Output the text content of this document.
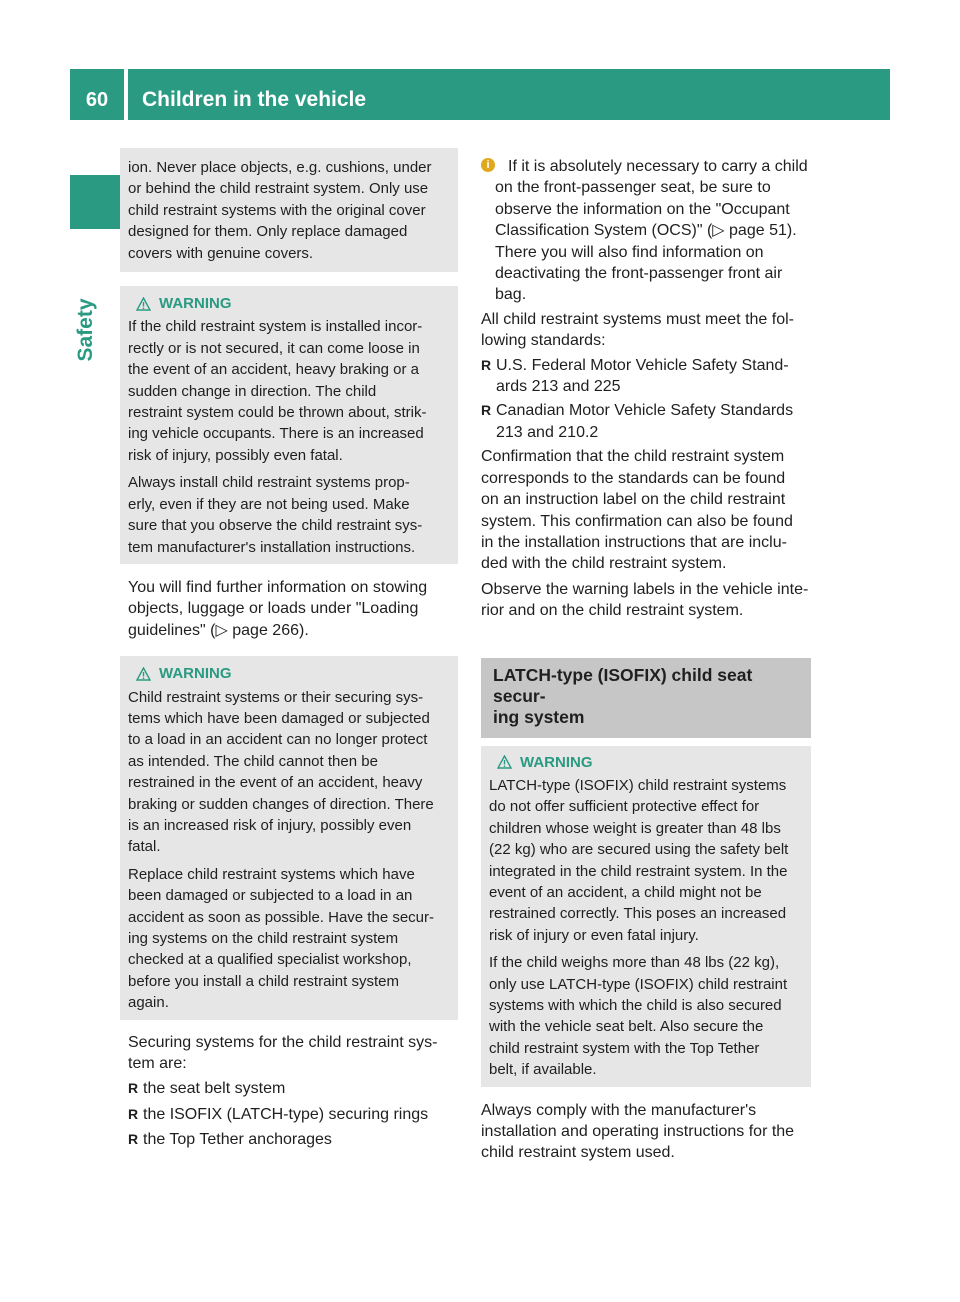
60	Children in the vehicle
Safety

ion. Never place objects, e.g. cushions, under
or behind the child restraint system. Only use
child restraint systems with the original cover
designed for them. Only replace damaged
covers with genuine covers.

WARNING

If the child restraint system is installed incor-
rectly or is not secured, it can come loose in
the event of an accident, heavy braking or a
sudden change in direction. The child
restraint system could be thrown about, strik-
ing vehicle occupants. There is an increased
risk of injury, possibly even fatal.

Always install child restraint systems prop-
erly, even if they are not being used. Make
sure that you observe the child restraint sys-
tem manufacturer's installation instructions.

You will find further information on stowing
objects, luggage or loads under "Loading
guidelines" (▷ page 266).

WARNING

Child restraint systems or their securing sys-
tems which have been damaged or subjected
to a load in an accident can no longer protect
as intended. The child cannot then be
restrained in the event of an accident, heavy
braking or sudden changes of direction. There
is an increased risk of injury, possibly even
fatal.

Replace child restraint systems which have
been damaged or subjected to a load in an
accident as soon as possible. Have the secur-
ing systems on the child restraint system
checked at a qualified specialist workshop,
before you install a child restraint system
again.

Securing systems for the child restraint sys-
tem are:

R the seat belt system

R the ISOFIX (LATCH-type) securing rings

R the Top Tether anchorages

i	If it is absolutely necessary to carry a child

on the front-passenger seat, be sure to
observe the information on the "Occupant
Classification System (OCS)" (▷ page 51).
There you will also find information on
deactivating the front-passenger front air
bag.

All child restraint systems must meet the fol-
lowing standards:

R U.S. Federal Motor Vehicle Safety Stand-
ards 213 and 225

R Canadian Motor Vehicle Safety Standards
213 and 210.2

Confirmation that the child restraint system
corresponds to the standards can be found
on an instruction label on the child restraint
system. This confirmation can also be found
in the installation instructions that are inclu-
ded with the child restraint system.

Observe the warning labels in the vehicle inte-
rior and on the child restraint system.

LATCH-type (ISOFIX) child seat secur-
ing system
WARNING

LATCH-type (ISOFIX) child restraint systems
do not offer sufficient protective effect for
children whose weight is greater than 48 lbs
(22 kg) who are secured using the safety belt
integrated in the child restraint system. In the
event of an accident, a child might not be
restrained correctly. This poses an increased
risk of injury or even fatal injury.

If the child weighs more than 48 lbs (22 kg),
only use LATCH-type (ISOFIX) child restraint
systems with which the child is also secured
with the vehicle seat belt. Also secure the
child restraint system with the Top Tether
belt, if available.

Always comply with the manufacturer's
installation and operating instructions for the
child restraint system used.
